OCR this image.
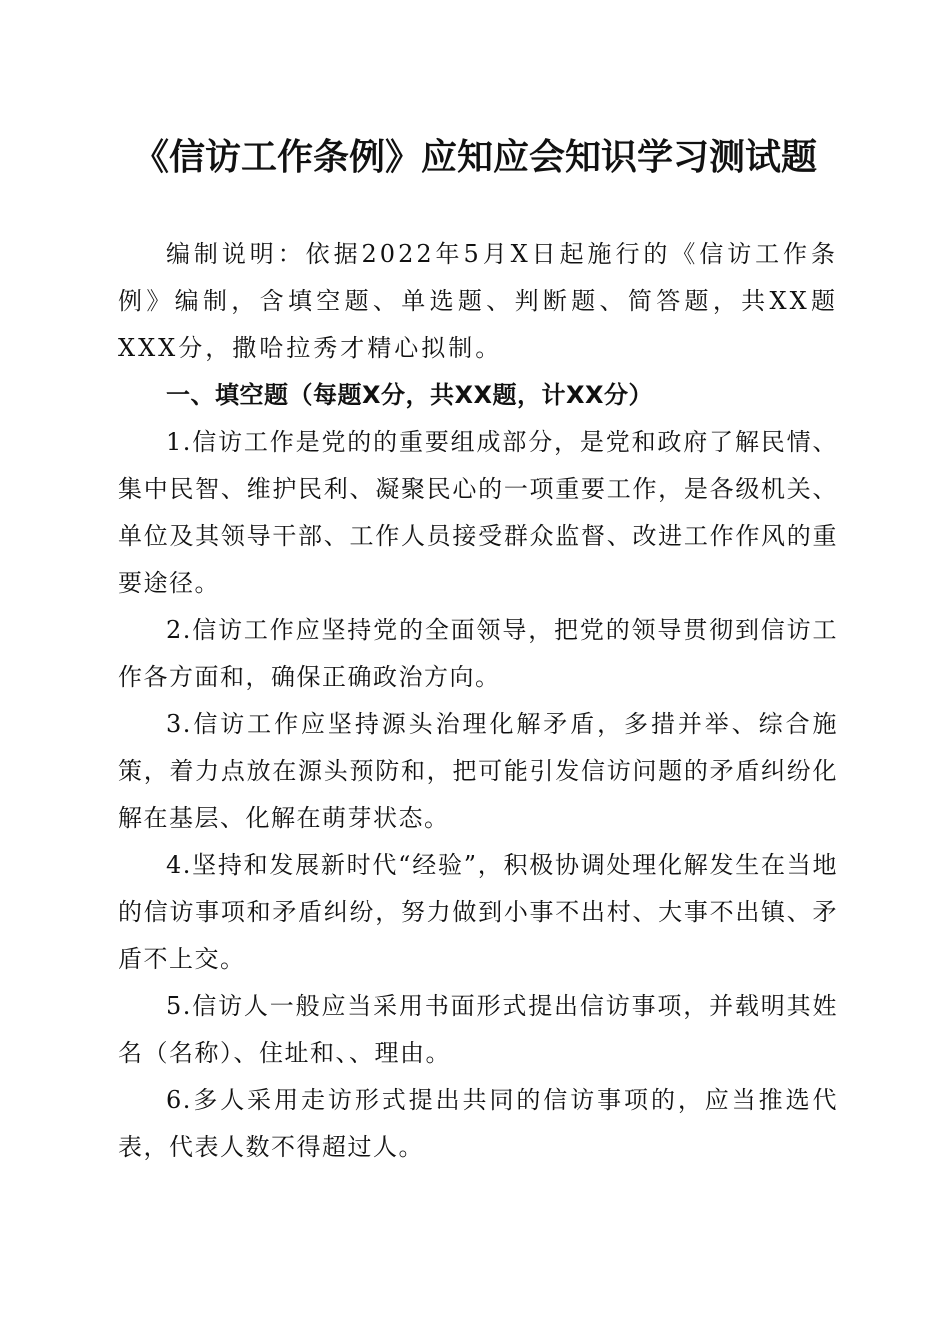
《信访工作条例》应知应会知识学习测试题

编制说明：依据2022年5月X日起施行的《信访工作条例》编制，含填空题、单选题、判断题、简答题，共XX题XXX分，撒哈拉秀才精心拟制。

一、填空题（每题X分，共XX题，计XX分）

1.信访工作是党的的重要组成部分，是党和政府了解民情、集中民智、维护民利、凝聚民心的一项重要工作，是各级机关、单位及其领导干部、工作人员接受群众监督、改进工作作风的重要途径。

2.信访工作应坚持党的全面领导，把党的领导贯彻到信访工作各方面和，确保正确政治方向。

3.信访工作应坚持源头治理化解矛盾，多措并举、综合施策，着力点放在源头预防和，把可能引发信访问题的矛盾纠纷化解在基层、化解在萌芽状态。

4.坚持和发展新时代“经验”，积极协调处理化解发生在当地的信访事项和矛盾纠纷，努力做到小事不出村、大事不出镇、矛盾不上交。

5.信访人一般应当采用书面形式提出信访事项，并载明其姓名（名称）、住址和、、理由。

6.多人采用走访形式提出共同的信访事项的，应当推选代表，代表人数不得超过人。
